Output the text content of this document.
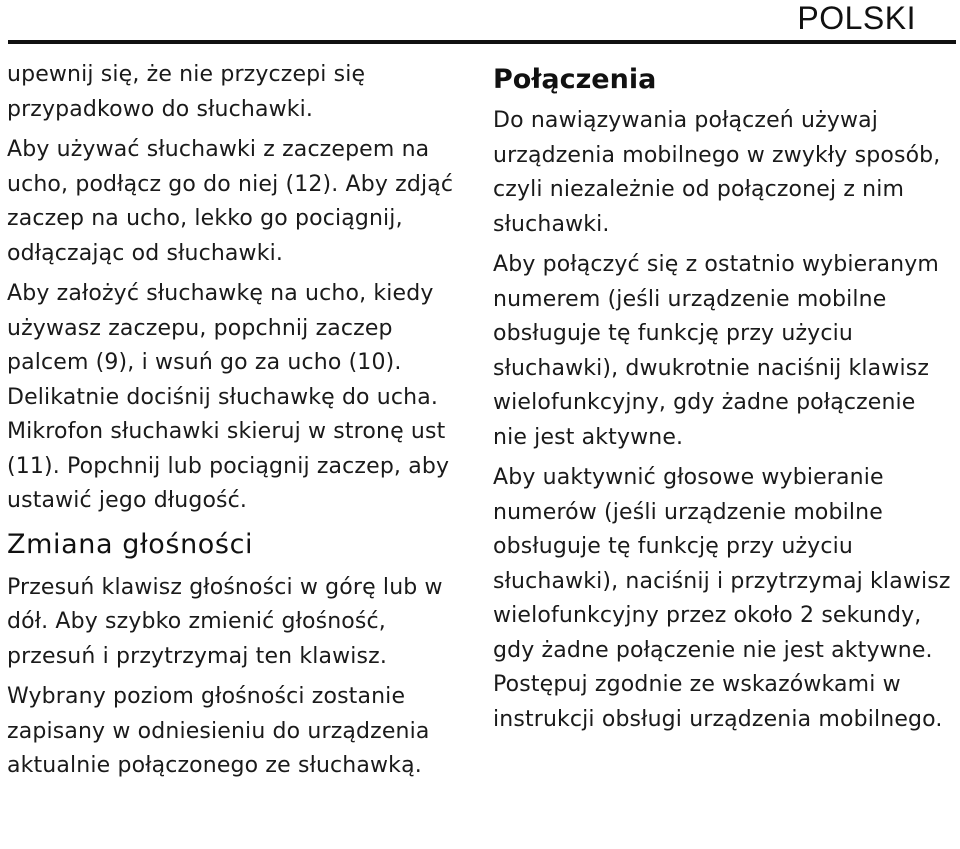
POLSKI

upewnij się, że nie przyczepi się przypadkowo do słuchawki.

Aby używać słuchawki z zaczepem na ucho, podłącz go do niej (12). Aby zdjąć zaczep na ucho, lekko go pociągnij, odłączając od słuchawki.

Aby założyć słuchawkę na ucho, kiedy używasz zaczepu, popchnij zaczep palcem (9), i wsuń go za ucho (10). Delikatnie dociśnij słuchawkę do ucha. Mikrofon słuchawki skieruj w stronę ust (11). Popchnij lub pociągnij zaczep, aby ustawić jego długość.

Zmiana głośności

Przesuń klawisz głośności w górę lub w dół. Aby szybko zmienić głośność, przesuń i przytrzymaj ten klawisz.

Wybrany poziom głośności zostanie zapisany w odniesieniu do urządzenia aktualnie połączonego ze słuchawką.

Połączenia

Do nawiązywania połączeń używaj urządzenia mobilnego w zwykły sposób, czyli niezależnie od połączonej z nim słuchawki.

Aby połączyć się z ostatnio wybieranym numerem (jeśli urządzenie mobilne obsługuje tę funkcję przy użyciu słuchawki), dwukrotnie naciśnij klawisz wielofunkcyjny, gdy żadne połączenie nie jest aktywne.

Aby uaktywnić głosowe wybieranie numerów (jeśli urządzenie mobilne obsługuje tę funkcję przy użyciu słuchawki), naciśnij i przytrzymaj klawisz wielofunkcyjny przez około 2 sekundy, gdy żadne połączenie nie jest aktywne. Postępuj zgodnie ze wskazówkami w instrukcji obsługi urządzenia mobilnego.
